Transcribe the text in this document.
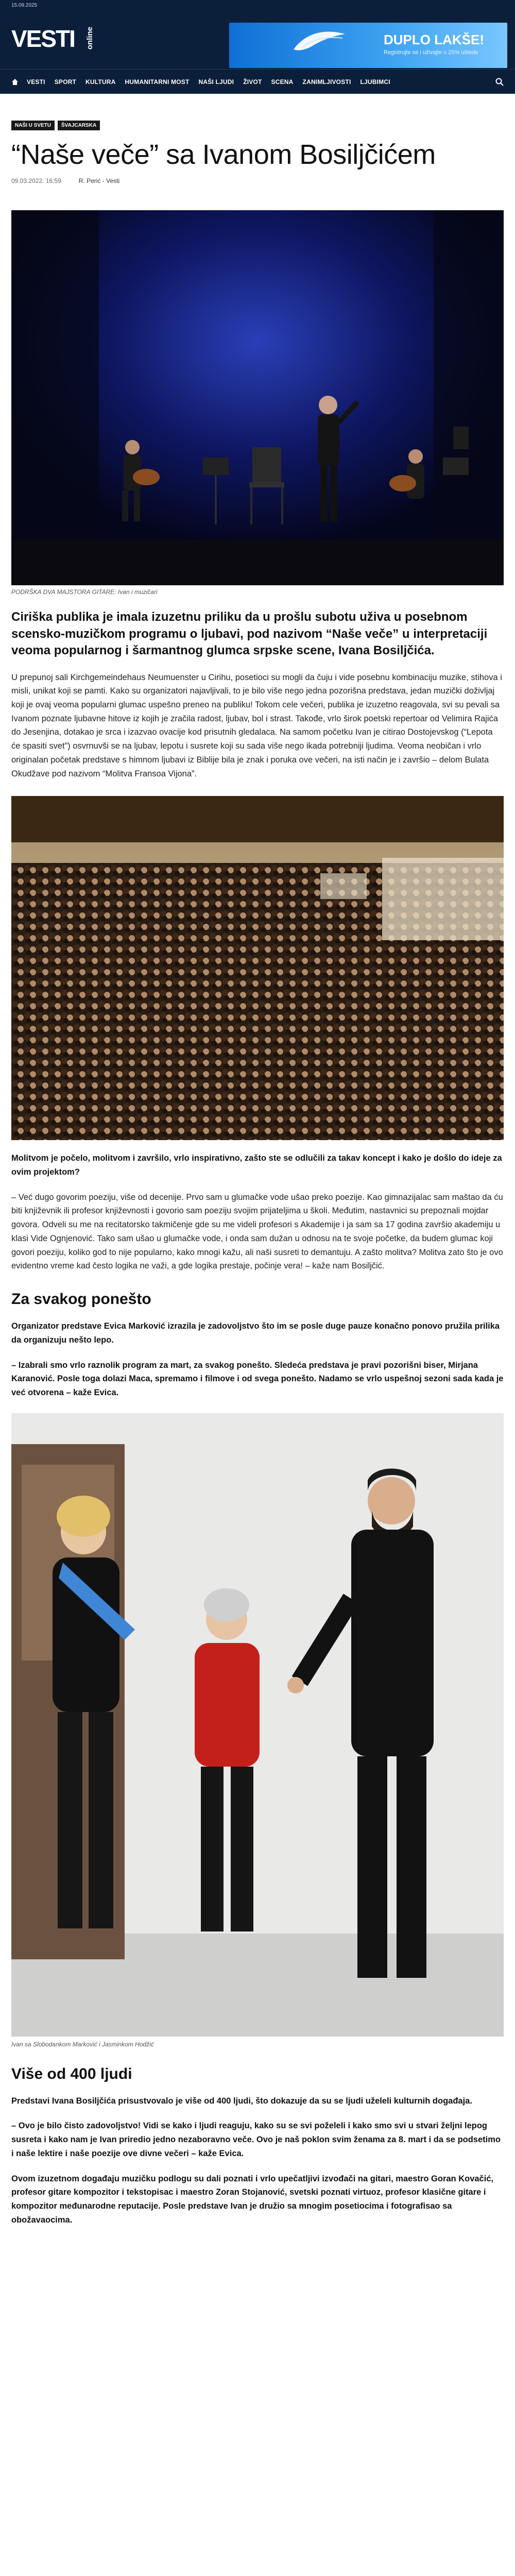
15.09.2025
VESTI online	DUPLO LAKŠE!
Registrujte se i uživajte u 25% uštede
VESTI SPORT KULTURA HUMANITARNI MOST NAŠI LJUDI ŽIVOT SCENA ZANIMLJIVOSTI LJUBIMCI
NAŠI U SVETU	ŠVAJCARSKA
“Naše veče” sa Ivanom Bosiljčićem
09.03.2022. 16:59	R. Perić - Vesti
PODRŠKA DVA MAJSTORA GITARE: Ivan i muzičari
Ciriška publika je imala izuzetnu priliku da u prošlu subotu uživa u posebnom scensko-muzičkom programu o ljubavi, pod nazivom “Naše veče” u interpretaciji veoma popularnog i šarmantnog glumca srpske scene, Ivana Bosiljčića.
U prepunoj sali Kirchgemeindehaus Neumuenster u Cirihu, posetioci su mogli da čuju i vide posebnu kombinaciju muzike, stihova i misli, unikat koji se pamti. Kako su organizatori najavljivali, to je bilo više nego jedna pozorišna predstava, jedan muzički doživljaj koji je ovaj veoma popularni glumac uspešno preneo na publiku! Tokom cele večeri, publika je izuzetno reagovala, svi su pevali sa Ivanom poznate ljubavne hitove iz kojih je zračila radost, ljubav, bol i strast. Takođe, vrlo širok poetski repertoar od Velimira Rajića do Jesenjina, dotakao je srca i izazvao ovacije kod prisutnih gledalaca. Na samom početku Ivan je citirao Dostojevskog (“Lepota će spasiti svet”) osvrnuvši se na ljubav, lepotu i susrete koji su sada više nego ikada potrebniji ljudima. Veoma neobičan i vrlo originalan početak predstave s himnom ljubavi iz Biblije bila je znak i poruka ove večeri, na isti način je i završio – delom Bulata Okudžave pod nazivom “Molitva Fransoa Vijona”.
Molitvom je počelo, molitvom i završilo, vrlo inspirativno, zašto ste se odlučili za takav koncept i kako je došlo do ideje za ovim projektom?
– Već dugo govorim poeziju, više od decenije. Prvo sam u glumačke vode ušao preko poezije. Kao gimnazijalac sam maštao da ću biti književnik ili profesor književnosti i govorio sam poeziju svojim prijateljima u školi. Međutim, nastavnici su prepoznali mojdar govora. Odveli su me na recitatorsko takmičenje gde su me videli profesori s Akademije i ja sam sa 17 godina završio akademiju u klasi Vide Ognjenović. Tako sam ušao u glumačke vode, i onda sam dužan u odnosu na te svoje početke, da budem glumac koji govori poeziju, koliko god to nije popularno, kako mnogi kažu, ali naši susreti to demantuju. A zašto molitva? Molitva zato što je ovo evidentno vreme kad često logika ne važi, a gde logika prestaje, počinje vera! – kaže nam Bosiljčić.
Za svakog ponešto
Organizator predstave Evica Marković izrazila je zadovoljstvo što im se posle duge pauze konačno ponovo pružila prilika da organizuju nešto lepo.
– Izabrali smo vrlo raznolik program za mart, za svakog ponešto. Sledeća predstava je pravi pozorišni biser, Mirjana Karanović. Posle toga dolazi Maca, spremamo i filmove i od svega ponešto. Nadamo se vrlo uspešnoj sezoni sada kada je već otvorena – kaže Evica.
Ivan sa Slobodankom Marković i Jasminkom Hodžić
Više od 400 ljudi
Predstavi Ivana Bosiljčića prisustvovalo je više od 400 ljudi, što dokazuje da su se ljudi uželeli kulturnih događaja.
– Ovo je bilo čisto zadovoljstvo! Vidi se kako i ljudi reaguju, kako su se svi poželeli i kako smo svi u stvari željni lepog susreta i kako nam je Ivan priredio jedno nezaboravno veče. Ovo je naš poklon svim ženama za 8. mart i da se podsetimo i naše lektire i naše poezije ove divne večeri – kaže Evica.
Ovom izuzetnom događaju muzičku podlogu su dali poznati i vrlo upečatljivi izvođači na gitari, maestro Goran Kovačić, profesor gitare kompozitor i tekstopisac i maestro Zoran Stojanović, svetski poznati virtuoz, profesor klasične gitare i kompozitor međunarodne reputacije. Posle predstave Ivan je družio sa mnogim posetiocima i fotografisao sa obožavaocima.
